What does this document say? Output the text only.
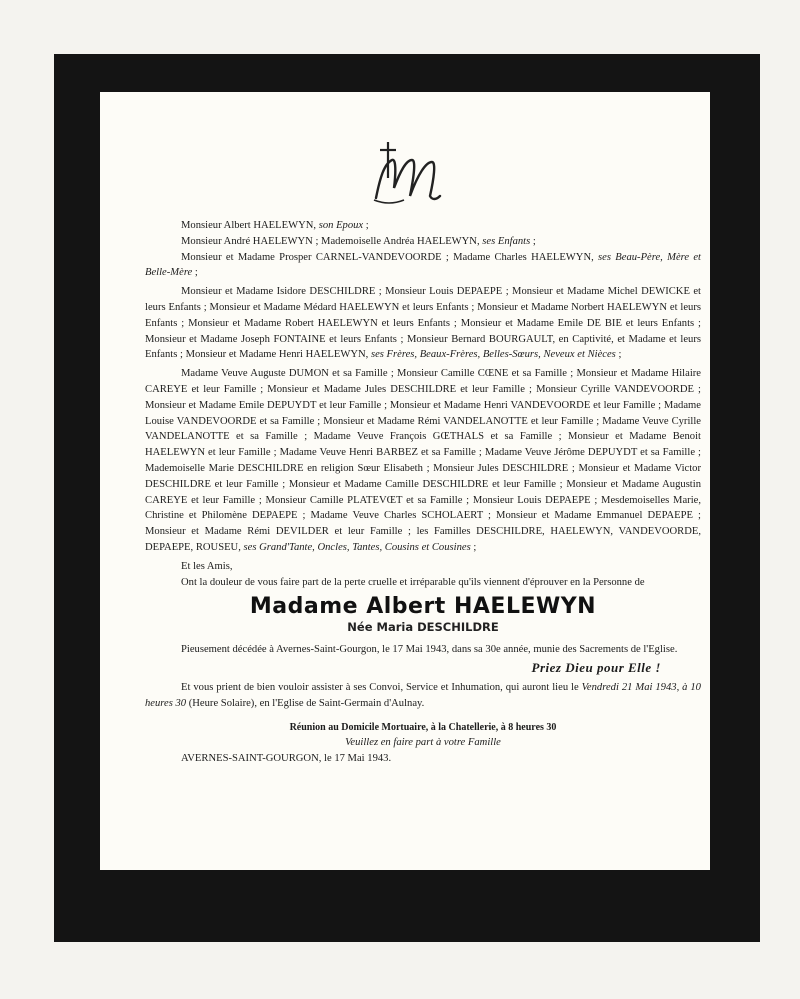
Monsieur Albert HAELEWYN, son Epoux ;

Monsieur André HAELEWYN ; Mademoiselle Andréa HAELEWYN, ses Enfants ;

Monsieur et Madame Prosper CARNEL-VANDEVOORDE ; Madame Charles HAELEWYN, ses Beau-Père, Mère et Belle-Mère ;

Monsieur et Madame Isidore DESCHILDRE ; Monsieur Louis DEPAEPE ; Monsieur et Madame Michel DEWICKE et leurs Enfants ; Monsieur et Madame Médard HAELEWYN et leurs Enfants ; Monsieur et Madame Norbert HAELEWYN et leurs Enfants ; Monsieur et Madame Robert HAELEWYN et leurs Enfants ; Monsieur et Madame Emile DE BIE et leurs Enfants ; Monsieur et Madame Joseph FONTAINE et leurs Enfants ; Monsieur Bernard BOURGAULT, en Captivité, et Madame et leurs Enfants ; Monsieur et Madame Henri HAELEWYN, ses Frères, Beaux-Frères, Belles-Sœurs, Neveux et Nièces ;

Madame Veuve Auguste DUMON et sa Famille ; Monsieur Camille CŒNE et sa Famille ; Monsieur et Madame Hilaire CAREYE et leur Famille ; Monsieur et Madame Jules DESCHILDRE et leur Famille ; Monsieur Cyrille VANDEVOORDE ; Monsieur et Madame Emile DEPUYDT et leur Famille ; Monsieur et Madame Henri VANDEVOORDE et leur Famille ; Madame Louise VANDEVOORDE et sa Famille ; Monsieur et Madame Rémi VANDELANOTTE et leur Famille ; Madame Veuve Cyrille VANDELANOTTE et sa Famille ; Madame Veuve François GŒTHALS et sa Famille ; Monsieur et Madame Benoit HAELEWYN et leur Famille ; Madame Veuve Henri BARBEZ et sa Famille ; Madame Veuve Jérôme DEPUYDT et sa Famille ; Mademoiselle Marie DESCHILDRE en religion Sœur Elisabeth ; Monsieur Jules DESCHILDRE ; Monsieur et Madame Victor DESCHILDRE et leur Famille ; Monsieur et Madame Camille DESCHILDRE et leur Famille ; Monsieur et Madame Augustin CAREYE et leur Famille ; Monsieur Camille PLATEVŒT et sa Famille ; Monsieur Louis DEPAEPE ; Mesdemoiselles Marie, Christine et Philomène DEPAEPE ; Madame Veuve Charles SCHOLAERT ; Monsieur et Madame Emmanuel DEPAEPE ; Monsieur et Madame Rémi DEVILDER et leur Famille ; les Familles DESCHILDRE, HAELEWYN, VANDEVOORDE, DEPAEPE, ROUSEU, ses Grand'Tante, Oncles, Tantes, Cousins et Cousines ;

Et les Amis,

Ont la douleur de vous faire part de la perte cruelle et irréparable qu'ils viennent d'éprouver en la Personne de

Madame Albert HAELEWYN
Née Maria DESCHILDRE

Pieusement décédée à Avernes-Saint-Gourgon, le 17 Mai 1943, dans sa 30e année, munie des Sacrements de l'Eglise.

Priez Dieu pour Elle !

Et vous prient de bien vouloir assister à ses Convoi, Service et Inhumation, qui auront lieu le Vendredi 21 Mai 1943, à 10 heures 30 (Heure Solaire), en l'Eglise de Saint-Germain d'Aulnay.

Réunion au Domicile Mortuaire, à la Chatellerie, à 8 heures 30
Veuillez en faire part à votre Famille

AVERNES-SAINT-GOURGON, le 17 Mai 1943.
